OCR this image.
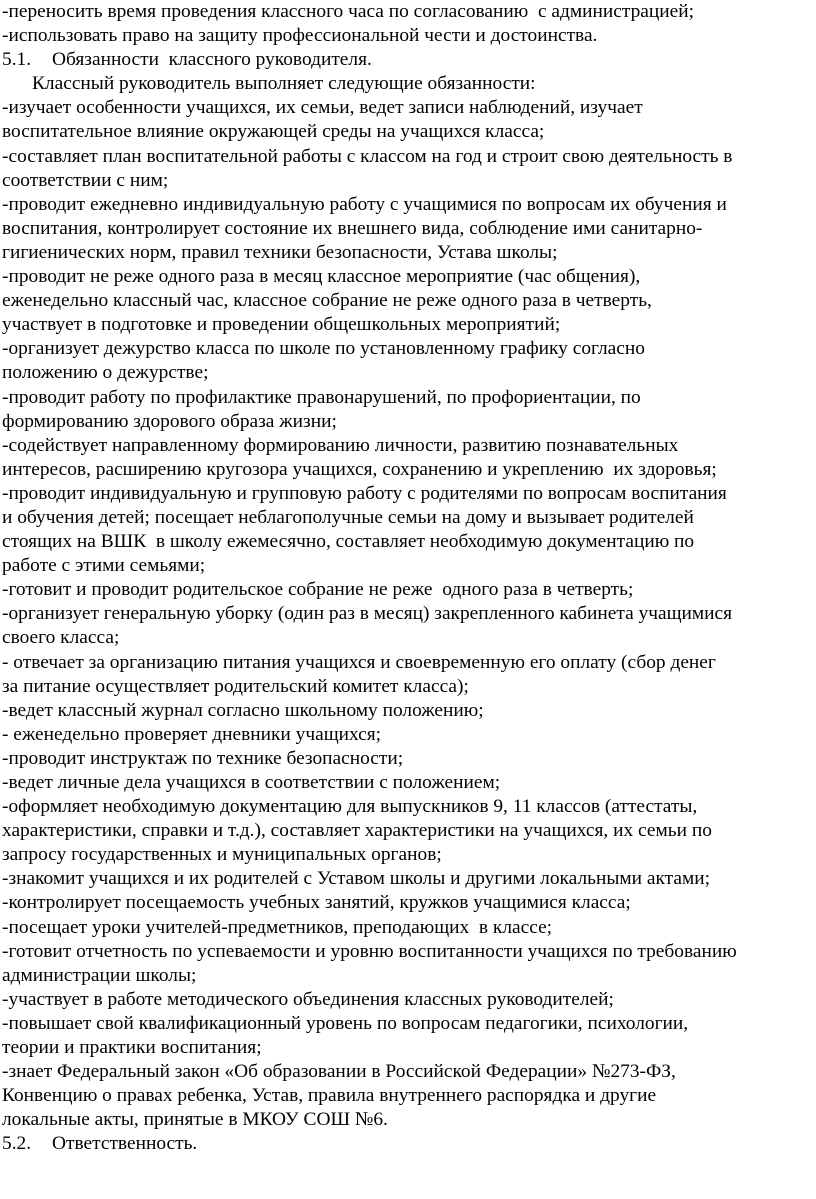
-переносить время проведения классного часа по согласованию  с администрацией;
-использовать право на защиту профессиональной чести и достоинства.
5.1. Обязанности  классного руководителя.
Классный руководитель выполняет следующие обязанности:
-изучает особенности учащихся, их семьи, ведет записи наблюдений, изучает
воспитательное влияние окружающей среды на учащихся класса;
-составляет план воспитательной работы с классом на год и строит свою деятельность в
соответствии с ним;
-проводит ежедневно индивидуальную работу с учащимися по вопросам их обучения и
воспитания, контролирует состояние их внешнего вида, соблюдение ими санитарно-
гигиенических норм, правил техники безопасности, Устава школы;
-проводит не реже одного раза в месяц классное мероприятие (час общения),
еженедельно классный час, классное собрание не реже одного раза в четверть,
участвует в подготовке и проведении общешкольных мероприятий;
-организует дежурство класса по школе по установленному графику согласно
положению о дежурстве;
-проводит работу по профилактике правонарушений, по профориентации, по
формированию здорового образа жизни;
-содействует направленному формированию личности, развитию познавательных
интересов, расширению кругозора учащихся, сохранению и укреплению  их здоровья;
-проводит индивидуальную и групповую работу с родителями по вопросам воспитания
и обучения детей; посещает неблагополучные семьи на дому и вызывает родителей
стоящих на ВШК  в школу ежемесячно, составляет необходимую документацию по
работе с этими семьями;
-готовит и проводит родительское собрание не реже  одного раза в четверть;
-организует генеральную уборку (один раз в месяц) закрепленного кабинета учащимися
своего класса;
- отвечает за организацию питания учащихся и своевременную его оплату (сбор денег
за питание осуществляет родительский комитет класса);
-ведет классный журнал согласно школьному положению;
- еженедельно проверяет дневники учащихся;
-проводит инструктаж по технике безопасности;
-ведет личные дела учащихся в соответствии с положением;
-оформляет необходимую документацию для выпускников 9, 11 классов (аттестаты,
характеристики, справки и т.д.), составляет характеристики на учащихся, их семьи по
запросу государственных и муниципальных органов;
-знакомит учащихся и их родителей с Уставом школы и другими локальными актами;
-контролирует посещаемость учебных занятий, кружков учащимися класса;
-посещает уроки учителей-предметников, преподающих  в классе;
-готовит отчетность по успеваемости и уровню воспитанности учащихся по требованию
администрации школы;
-участвует в работе методического объединения классных руководителей;
-повышает свой квалификационный уровень по вопросам педагогики, психологии,
теории и практики воспитания;
-знает Федеральный закон «Об образовании в Российской Федерации» №273-ФЗ,
Конвенцию о правах ребенка, Устав, правила внутреннего распорядка и другие
локальные акты, принятые в МКОУ СОШ №6.
5.2. Ответственность.
